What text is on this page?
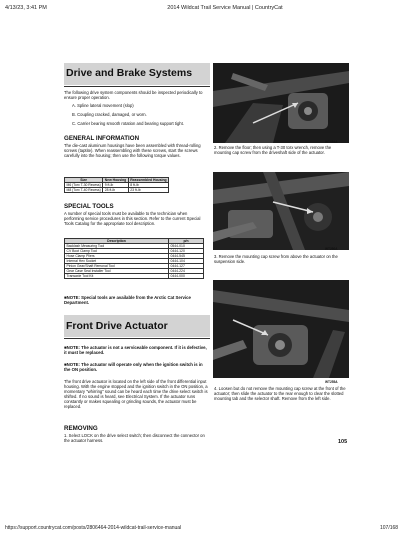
4/13/23, 3:41 PM	2014 Wildcat Trail Service Manual | CountryCat
Drive and Brake Systems
The following drive system components should be inspected periodically to ensure proper operation.
A. Spline lateral movement (slop)
B. Coupling cracked, damaged, or worn.
C. Carrier bearing smooth rotation and bearing support tight.
GENERAL INFORMATION
The die-cast aluminum housings have been assembled with thread-rolling screws (taptite). When reassembling with these screws, start the screws carefully into the housing; then use the following torque values.
Size	New Housing	Reassembled Housing
M6 (Torx T-30 Recess)	9 ft-lb	8 ft-lb
M8 (Torx T-40 Recess)	28 ft-lb	23 ft-lb
SPECIAL TOOLS
A number of special tools must be available to the technician when performing service procedures in this section. Refer to the current Special Tools Catalog for the appropriate tool description.
Description	p/n
Backlash Measuring Tool	0544-010
CV Boot Clamp Tool	0444-120
Hose Clamp Pliers	0444-545
Internal Hex Socket	0444-104
Pinion Gear/Shaft Removal Tool	0444-127
Gear Case Seal Installer Tool	0444-224
Transaxle Tool Kit	0444-000
■NOTE: Special tools are available from the Arctic Cat Service Department.
Front Drive Actuator
■NOTE: The actuator is not a serviceable component. If it is defective, it must be replaced.
■NOTE: The actuator will operate only when the ignition switch is in the ON position.
The front drive actuator is located on the left side of the front differential input housing. With the engine stopped and the ignition switch in the ON position, a momentary "whirring" sound can be heard each time the drive select switch is shifted. If no sound is heard, see Electrical System. If the actuator runs constantly or makes squealing or grinding sounds, the actuator must be replaced.
REMOVING
1. Select LOCK on the drive select switch; then disconnect the connector on the actuator harness.
WT054A
2. Remove the floor; then using a T-30 torx wrench, remove the mounting cap screw from the driveshaft side of the actuator.
WT250A
3. Remove the mounting cap screw from above the actuator on the suspension side.
WT255A
4. Loosen but do not remove the mounting cap screw at the front of the actuator; then slide the actuator to the rear enough to clear the slotted mounting tab and the selector shaft. Remove from the left side.
105
https://support.countrycat.com/posts/2806464-2014-wildcat-trail-service-manual	107/168
